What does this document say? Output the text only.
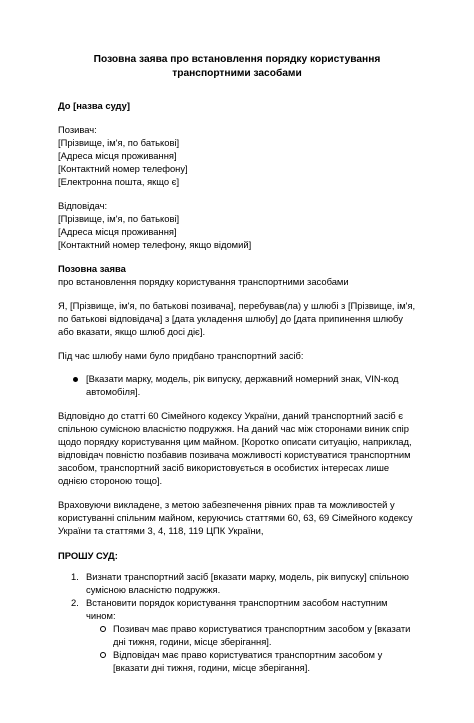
Позовна заява про встановлення порядку користування транспортними засобами
До [назва суду]
Позивач:
[Прізвище, ім'я, по батькові]
[Адреса місця проживання]
[Контактний номер телефону]
[Електронна пошта, якщо є]
Відповідач:
[Прізвище, ім'я, по батькові]
[Адреса місця проживання]
[Контактний номер телефону, якщо відомий]
Позовна заява
про встановлення порядку користування транспортними засобами
Я, [Прізвище, ім'я, по батькові позивача], перебував(ла) у шлюбі з [Прізвище, ім'я, по батькові відповідача] з [дата укладення шлюбу] до [дата припинення шлюбу або вказати, якщо шлюб досі діє].
Під час шлюбу нами було придбано транспортний засіб:
[Вказати марку, модель, рік випуску, державний номерний знак, VIN-код автомобіля].
Відповідно до статті 60 Сімейного кодексу України, даний транспортний засіб є спільною сумісною власністю подружжя. На даний час між сторонами виник спір щодо порядку користування цим майном. [Коротко описати ситуацію, наприклад, відповідач повністю позбавив позивача можливості користуватися транспортним засобом, транспортний засіб використовується в особистих інтересах лише однією стороною тощо].
Враховуючи викладене, з метою забезпечення рівних прав та можливостей у користуванні спільним майном, керуючись статтями 60, 63, 69 Сімейного кодексу України та статтями 3, 4, 118, 119 ЦПК України,
ПРОШУ СУД:
1. Визнати транспортний засіб [вказати марку, модель, рік випуску] спільною сумісною власністю подружжя.
2. Встановити порядок користування транспортним засобом наступним чином:
Позивач має право користуватися транспортним засобом у [вказати дні тижня, години, місце зберігання].
Відповідач має право користуватися транспортним засобом у [вказати дні тижня, години, місце зберігання].
